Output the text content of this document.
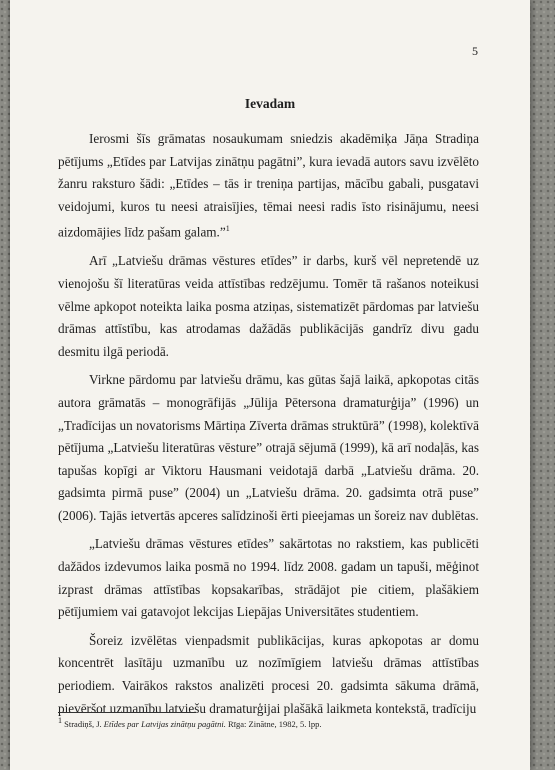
5
Ievadam

Ierosmi šīs grāmatas nosaukumam sniedzis akadēmiķa Jāņa Stradiņa pētījums „Etīdes par Latvijas zinātņu pagātni”, kura ievadā autors savu izvēlēto žanru raksturo šādi: „Etīdes – tās ir treniņa partijas, mācību gabali, pusgatavi veidojumi, kuros tu neesi atraisījies, tēmai neesi radis īsto risinājumu, neesi aizdomājies līdz pašam galam.”$^1$

Arī „Latviešu drāmas vēstures etīdes” ir darbs, kurš vēl nepretendē uz vienojošu šī literatūras veida attīstības redzējumu. Tomēr tā rašanos noteikusi vēlme apkopot noteikta laika posma atziņas, sistematizēt pārdomas par latviešu drāmas attīstību, kas atrodamas dažādās publikācijās gandrīz divu gadu desmitu ilgā periodā.

Virkne pārdomu par latviešu drāmu, kas gūtas šajā laikā, apkopotas citās autora grāmatās – monogrāfijās „Jūlija Pētersona dramaturģija” (1996) un „Tradīcijas un novatorisms Mārtiņa Zīverta drāmas struktūrā” (1998), kolektīvā pētījuma „Latviešu literatūras vēsture” otrajā sējumā (1999), kā arī nodaļās, kas tapušas kopīgi ar Viktoru Hausmani veidotajā darbā „Latviešu drāma. 20. gadsimta pirmā puse” (2004) un „Latviešu drāma. 20. gadsimta otrā puse” (2006). Tajās ietvertās apceres salīdzinoši ērti pieejamas un šoreiz nav dublētas.

„Latviešu drāmas vēstures etīdes” sakārtotas no rakstiem, kas publicēti dažādos izdevumos laika posmā no 1994. līdz 2008. gadam un tapuši, mēģinot izprast drāmas attīstības kopsakarības, strādājot pie citiem, plašākiem pētījumiem vai gatavojot lekcijas Liepājas Universitātes studentiem.

Šoreiz izvēlētas vienpadsmit publikācijas, kuras apkopotas ar domu koncentrēt lasītāju uzmanību uz nozīmīgiem latviešu drāmas attīstības periodiem. Vairākos rakstos analizēti procesi 20. gadsimta sākuma drāmā, pievēršot uzmanību latviešu dramaturģijai plašākā laikmeta kontekstā, tradīciju

$^1$ Stradiņš, J. Etīdes par Latvijas zinātņu pagātni. Rīga: Zinātne, 1982, 5. lpp.
